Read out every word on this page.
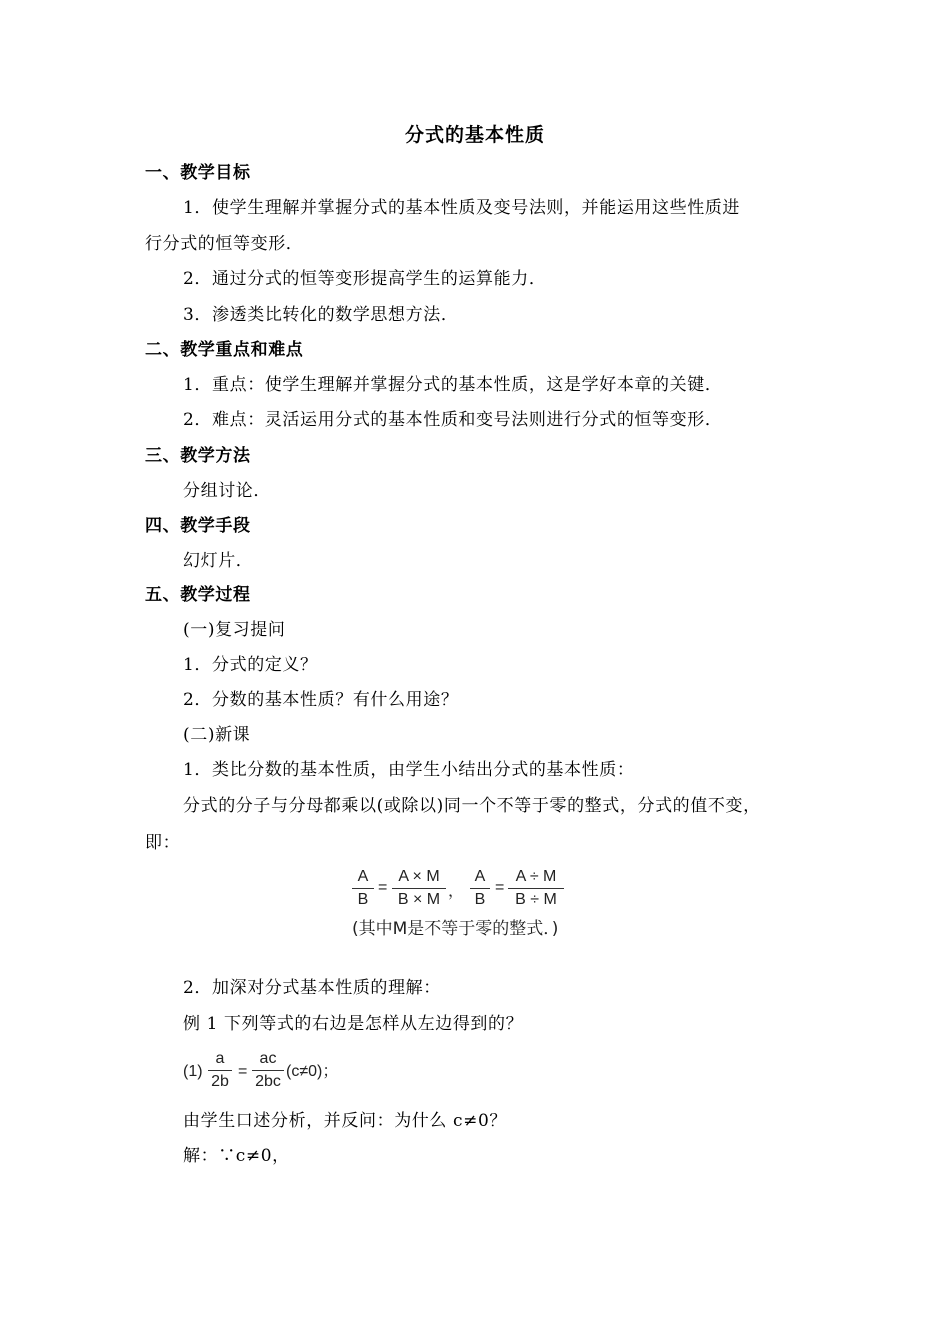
分式的基本性质
一、教学目标
1．使学生理解并掌握分式的基本性质及变号法则，并能运用这些性质进
行分式的恒等变形．
2．通过分式的恒等变形提高学生的运算能力．
3．渗透类比转化的数学思想方法．
二、教学重点和难点
1．重点：使学生理解并掌握分式的基本性质，这是学好本章的关键．
2．难点：灵活运用分式的基本性质和变号法则进行分式的恒等变形．
三、教学方法
分组讨论．
四、教学手段
幻灯片．
五、教学过程
(一)复习提问
1．分式的定义？
2．分数的基本性质？有什么用途？
(二)新课
1．类比分数的基本性质，由学生小结出分式的基本性质：
分式的分子与分母都乘以(或除以)同一个不等于零的整式，分式的值不变，
即：
A
B
=
A × M
B × M ，
A
B
=
A ÷ M
B ÷ M
(其中M是不等于零的整式．)
2．加深对分式基本性质的理解：
例 1 下列等式的右边是怎样从左边得到的？
(1)
a
2b
=
ac
2bc
(c≠0)；
由学生口述分析，并反问：为什么 c≠0？
解：∵c≠0，
